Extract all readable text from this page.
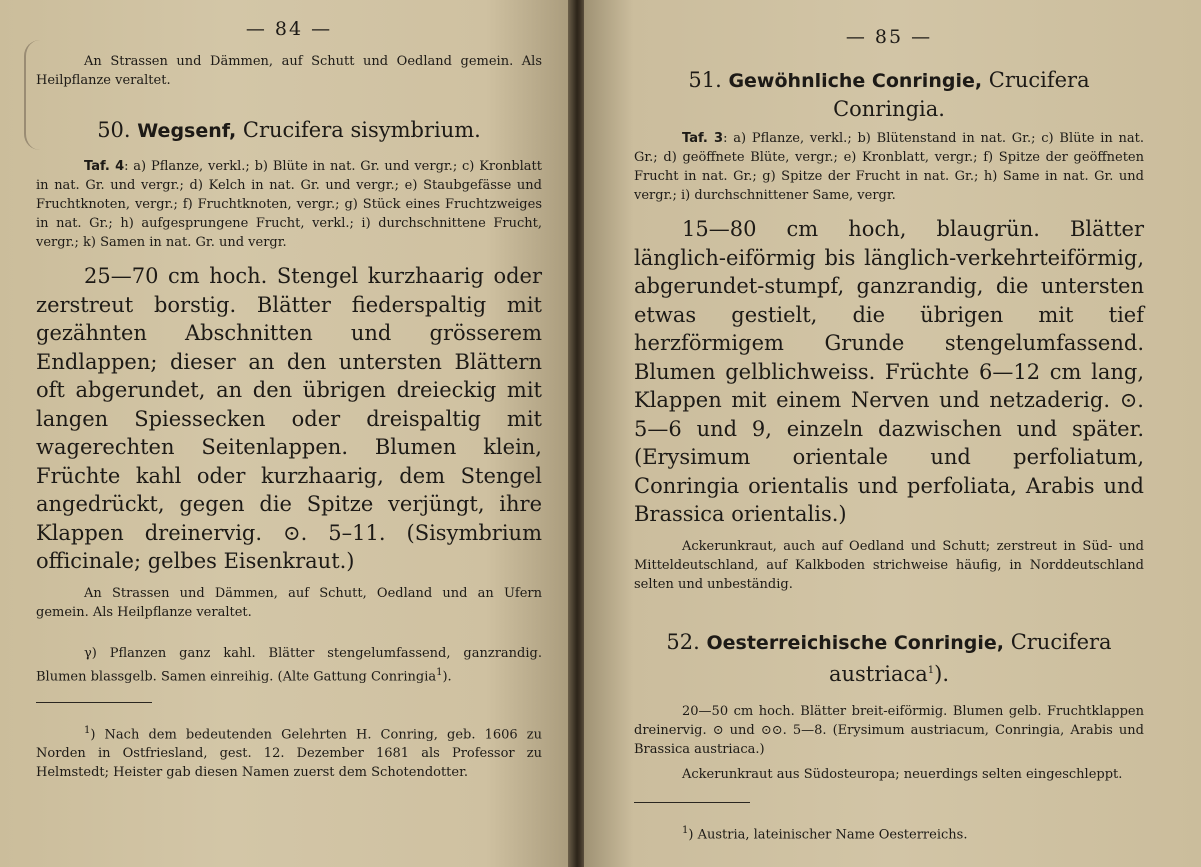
— 84 —

An Strassen und Dämmen, auf Schutt und Oedland gemein. Als Heilpflanze veraltet.

50. Wegsenf, Crucifera sisymbrium.

Taf. 4: a) Pflanze, verkl.; b) Blüte in nat. Gr. und vergr.; c) Kronblatt in nat. Gr. und vergr.; d) Kelch in nat. Gr. und vergr.; e) Staubgefässe und Fruchtknoten, vergr.; f) Fruchtknoten, vergr.; g) Stück eines Fruchtzweiges in nat. Gr.; h) aufgesprungene Frucht, verkl.; i) durchschnittene Frucht, vergr.; k) Samen in nat. Gr. und vergr.

25—70 cm hoch. Stengel kurzhaarig oder zerstreut borstig. Blätter fiederspaltig mit gezähnten Abschnitten und grösserem Endlappen; dieser an den untersten Blättern oft abgerundet, an den übrigen dreieckig mit langen Spiessecken oder dreispaltig mit wagerechten Seitenlappen. Blumen klein, Früchte kahl oder kurzhaarig, dem Stengel angedrückt, gegen die Spitze verjüngt, ihre Klappen dreinervig. ⊙. 5–11. (Sisymbrium officinale; gelbes Eisenkraut.)

An Strassen und Dämmen, auf Schutt, Oedland und an Ufern gemein. Als Heilpflanze veraltet.

γ) Pflanzen ganz kahl. Blätter stengelumfassend, ganzrandig. Blumen blassgelb. Samen einreihig. (Alte Gattung Conringia$^1$).

$^1$) Nach dem bedeutenden Gelehrten H. Conring, geb. 1606 zu Norden in Ostfriesland, gest. 12. Dezember 1681 als Professor zu Helmstedt; Heister gab diesen Namen zuerst dem Schotendotter.

— 85 —

51. Gewöhnliche Conringie, Crucifera Conringia.

Taf. 3: a) Pflanze, verkl.; b) Blütenstand in nat. Gr.; c) Blüte in nat. Gr.; d) geöffnete Blüte, vergr.; e) Kronblatt, vergr.; f) Spitze der geöffneten Frucht in nat. Gr.; g) Spitze der Frucht in nat. Gr.; h) Same in nat. Gr. und vergr.; i) durchschnittener Same, vergr.

15—80 cm hoch, blaugrün. Blätter länglich-eiförmig bis länglich-verkehrteiförmig, abgerundet-stumpf, ganzrandig, die untersten etwas gestielt, die übrigen mit tief herzförmigem Grunde stengelumfassend. Blumen gelblichweiss. Früchte 6—12 cm lang, Klappen mit einem Nerven und netzaderig. ⊙. 5—6 und 9, einzeln dazwischen und später. (Erysimum orientale und perfoliatum, Conringia orientalis und perfoliata, Arabis und Brassica orientalis.)

Ackerunkraut, auch auf Oedland und Schutt; zerstreut in Süd- und Mitteldeutschland, auf Kalkboden strichweise häufig, in Norddeutschland selten und unbeständig.

52. Oesterreichische Conringie, Crucifera
austriaca$^1$).

20—50 cm hoch. Blätter breit-eiförmig. Blumen gelb. Fruchtklappen dreinervig. ⊙ und ⊙⊙. 5—8. (Erysimum austriacum, Conringia, Arabis und Brassica austriaca.)

Ackerunkraut aus Südosteuropa; neuerdings selten eingeschleppt.

$^1$) Austria, lateinischer Name Oesterreichs.
